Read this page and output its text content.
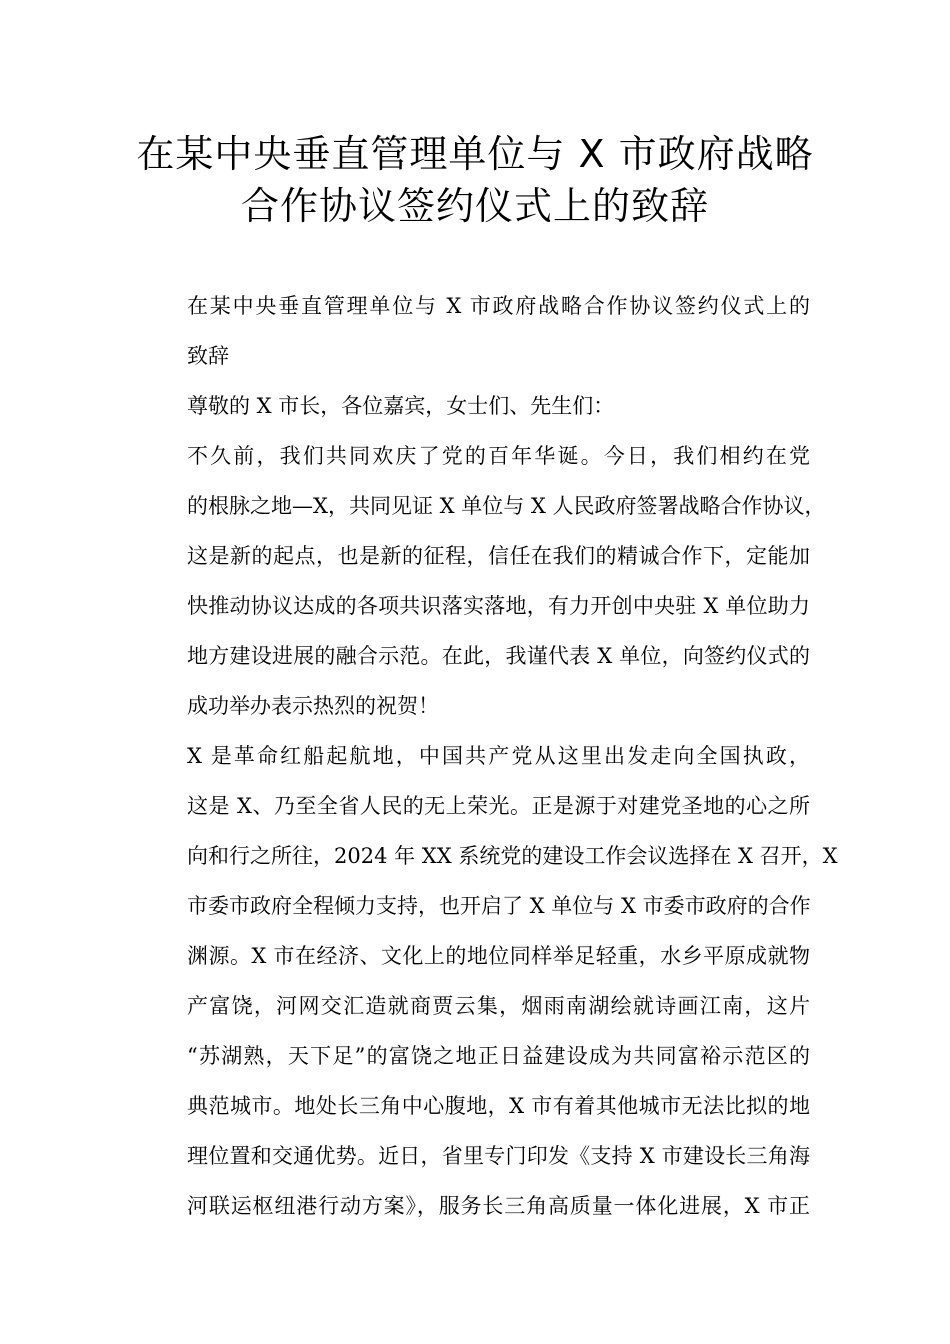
在某中央垂直管理单位与 X 市政府战略
合作协议签约仪式上的致辞

在某中央垂直管理单位与 X 市政府战略合作协议签约仪式上的
致辞

尊敬的 X 市长，各位嘉宾，女士们、先生们：

不久前，我们共同欢庆了党的百年华诞。今日，我们相约在党
的根脉之地—X，共同见证 X 单位与 X 人民政府签署战略合作协议，
这是新的起点，也是新的征程，信任在我们的精诚合作下，定能加
快推动协议达成的各项共识落实落地，有力开创中央驻 X 单位助力
地方建设进展的融合示范。在此，我谨代表 X 单位，向签约仪式的
成功举办表示热烈的祝贺！

X 是革命红船起航地，中国共产党从这里出发走向全国执政，
这是 X、乃至全省人民的无上荣光。正是源于对建党圣地的心之所
向和行之所往，2024 年 XX 系统党的建设工作会议选择在 X 召开，X
市委市政府全程倾力支持，也开启了 X 单位与 X 市委市政府的合作
渊源。X 市在经济、文化上的地位同样举足轻重，水乡平原成就物
产富饶，河网交汇造就商贾云集，烟雨南湖绘就诗画江南，这片
“苏湖熟，天下足”的富饶之地正日益建设成为共同富裕示范区的
典范城市。地处长三角中心腹地，X 市有着其他城市无法比拟的地
理位置和交通优势。近日，省里专门印发《支持 X 市建设长三角海
河联运枢纽港行动方案》，服务长三角高质量一体化进展，X 市正
